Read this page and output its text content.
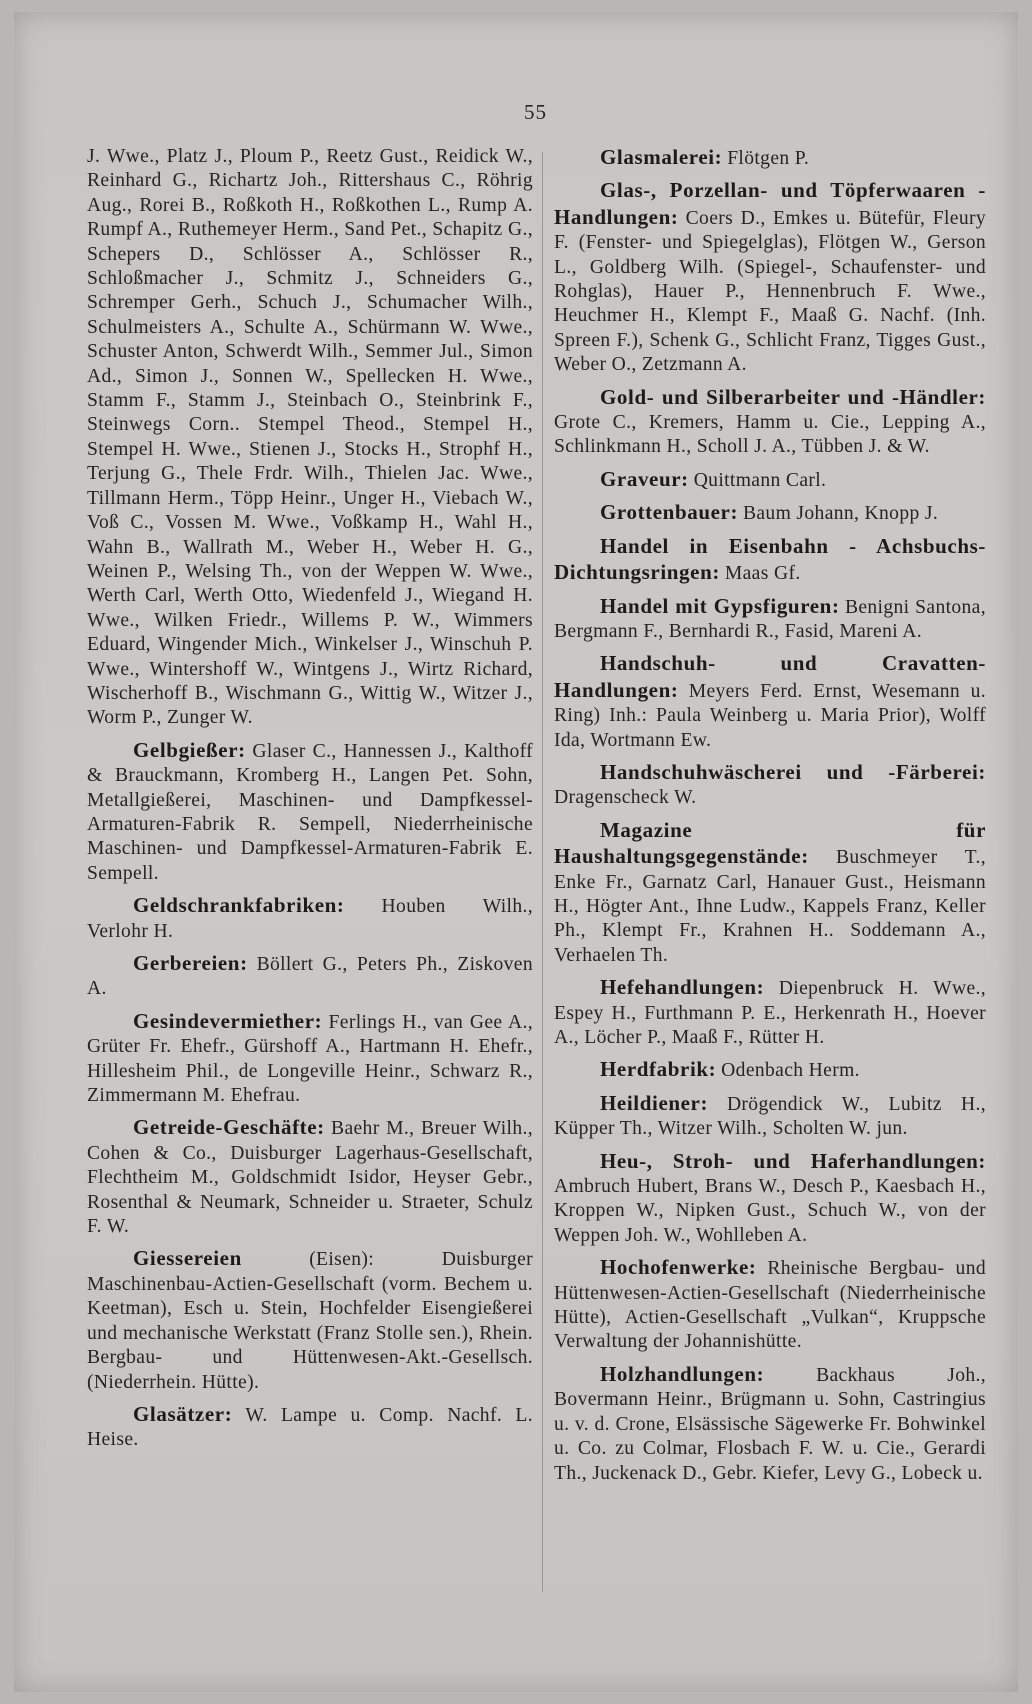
55

J. Wwe., Platz J., Ploum P., Reetz Gust., Reidick W., Reinhard G., Richartz Joh., Rittershaus C., Röhrig Aug., Rorei B., Roßkoth H., Roßkothen L., Rump A. Rumpf A., Ruthemeyer Herm., Sand Pet., Schapitz G., Schepers D., Schlösser A., Schlösser R., Schloßmacher J., Schmitz J., Schneiders G., Schremper Gerh., Schuch J., Schumacher Wilh., Schulmeisters A., Schulte A., Schürmann W. Wwe., Schuster Anton, Schwerdt Wilh., Semmer Jul., Simon Ad., Simon J., Sonnen W., Spellecken H. Wwe., Stamm F., Stamm J., Steinbach O., Steinbrink F., Steinwegs Corn.. Stempel Theod., Stempel H., Stempel H. Wwe., Stienen J., Stocks H., Strophf H., Terjung G., Thele Frdr. Wilh., Thielen Jac. Wwe., Tillmann Herm., Töpp Heinr., Unger H., Viebach W., Voß C., Vossen M. Wwe., Voßkamp H., Wahl H., Wahn B., Wallrath M., Weber H., Weber H. G., Weinen P., Welsing Th., von der Weppen W. Wwe., Werth Carl, Werth Otto, Wiedenfeld J., Wiegand H. Wwe., Wilken Friedr., Willems P. W., Wimmers Eduard, Wingender Mich., Winkelser J., Winschuh P. Wwe., Wintershoff W., Wintgens J., Wirtz Richard, Wischerhoff B., Wischmann G., Wittig W., Witzer J., Worm P., Zunger W.

Gelbgießer: Glaser C., Hannessen J., Kalthoff & Brauckmann, Kromberg H., Langen Pet. Sohn, Metallgießerei, Maschinen- und Dampfkessel-Armaturen-Fabrik R. Sempell, Niederrheinische Maschinen- und Dampfkessel-Armaturen-Fabrik E. Sempell.

Geldschrankfabriken: Houben Wilh., Verlohr H.

Gerbereien: Böllert G., Peters Ph., Ziskoven A.

Gesindevermiether: Ferlings H., van Gee A., Grüter Fr. Ehefr., Gürshoff A., Hartmann H. Ehefr., Hillesheim Phil., de Longeville Heinr., Schwarz R., Zimmermann M. Ehefrau.

Getreide-Geschäfte: Baehr M., Breuer Wilh., Cohen & Co., Duisburger Lagerhaus-Gesellschaft, Flechtheim M., Goldschmidt Isidor, Heyser Gebr., Rosenthal & Neumark, Schneider u. Straeter, Schulz F. W.

Giessereien	(Eisen): Duisburger Maschinenbau-Actien-Gesellschaft (vorm. Bechem u. Keetman), Esch u. Stein, Hochfelder Eisengießerei und mechanische Werkstatt (Franz Stolle sen.), Rhein. Bergbau- und Hüttenwesen-Akt.-Gesellsch. (Niederrhein. Hütte).

Glasätzer: W. Lampe u. Comp. Nachf. L. Heise.

Glasmalerei: Flötgen P.

Glas-, Porzellan- und Töpferwaaren - Handlungen: Coers D., Emkes u. Bütefür, Fleury F. (Fenster- und Spiegelglas), Flötgen W., Gerson L., Goldberg Wilh. (Spiegel-, Schaufenster- und Rohglas), Hauer P., Hennenbruch F. Wwe., Heuchmer H., Klempt F., Maaß G. Nachf. (Inh. Spreen F.), Schenk G., Schlicht Franz, Tigges Gust., Weber O., Zetzmann A.

Gold- und Silberarbeiter und -Händler: Grote C., Kremers, Hamm u. Cie., Lepping A., Schlinkmann H., Scholl J. A., Tübben J. & W.

Graveur: Quittmann Carl.

Grottenbauer: Baum Johann, Knopp J.

Handel in Eisenbahn - Achsbuchs-Dichtungsringen: Maas Gf.

Handel mit Gypsfiguren: Benigni Santona, Bergmann F., Bernhardi R., Fasid, Mareni A.

Handschuh- und Cravatten-Handlungen: Meyers Ferd. Ernst, Wesemann u. Ring) Inh.: Paula Weinberg u. Maria Prior), Wolff Ida, Wortmann Ew.

Handschuhwäscherei und -Färberei: Dragenscheck W.

Magazine für Haushaltungsgegenstände: Buschmeyer T., Enke Fr., Garnatz Carl, Hanauer Gust., Heismann H., Högter Ant., Ihne Ludw., Kappels Franz, Keller Ph., Klempt Fr., Krahnen H.. Soddemann A., Verhaelen Th.

Hefehandlungen: Diepenbruck H. Wwe., Espey H., Furthmann P. E., Herkenrath H., Hoever A., Löcher P., Maaß F., Rütter H.

Herdfabrik: Odenbach Herm.

Heildiener: Drögendick W., Lubitz H., Küpper Th., Witzer Wilh., Scholten W. jun.

Heu-, Stroh- und Haferhandlungen: Ambruch Hubert, Brans W., Desch P., Kaesbach H., Kroppen W., Nipken Gust., Schuch W., von der Weppen Joh. W., Wohlleben A.

Hochofenwerke: Rheinische Bergbau- und Hüttenwesen-Actien-Gesellschaft (Niederrheinische Hütte), Actien-Gesellschaft „Vulkan“, Kruppsche Verwaltung der Johannishütte.

Holzhandlungen:	Backhaus Joh., Bovermann Heinr., Brügmann u. Sohn, Castringius u. v. d. Crone, Elsässische Sägewerke Fr. Bohwinkel u. Co. zu Colmar, Flosbach F. W. u. Cie., Gerardi Th., Juckenack D., Gebr. Kiefer, Levy G., Lobeck u.
